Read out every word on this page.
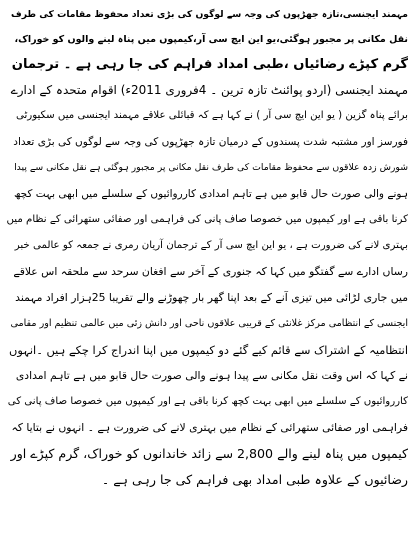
مہمند ایجنسی،تازہ جھڑپوں کی وجہ سے لوگوں کی بڑی تعداد محفوظ مقامات کی طرف
نقل مکانی پر مجبور ہوگئی،یو این ایچ سی آر،کیمپوں میں پناہ لینے والوں کو خوراک،
گرم کپڑے رضائیاں ،طبی امداد فراہم کی جا رہی ہے ۔ ترجمان
مہمند ایجنسی (اردو پوائنٹ تازہ ترین ۔ 4فروری 2011ء) اقوام متحدہ کے ادارے
برائے پناہ گزین ( یو این ایچ سی آر ) نے کہا ہے کہ قبائلی علاقے مہمند ایجنسی میں سکیورٹی
فورسز اور مشتبہ شدت پسندوں کے درمیان تازہ جھڑپوں کی وجہ سے لوگوں کی بڑی تعداد
شورش زدہ علاقوں سے محفوظ مقامات کی طرف نقل مکانی پر مجبور ہوگئی ہے نقل مکانی سے پیدا
ہونے والی صورت حال قابو میں ہے تاہم امدادی کارروائیوں کے سلسلے میں ابھی بہت کچھ
کرنا باقی ہے اور کیمپوں میں خصوصا صاف پانی کی فراہمی اور صفائی ستھرائی کے نظام میں
بہتری لانے کی ضرورت ہے ، یو این ایچ سی آر کے ترجمان آریان رمری نے جمعہ کو عالمی خبر
رساں ادارے سے گفتگو میں کہا کہ جنوری کے آخر سے افغان سرحد سے ملحقہ اس علاقے
میں جاری لڑائی میں تیزی آنے کے بعد اپنا گھر بار چھوڑنے والے تقریبا 25ہزار افراد مہمند
ایجنسی کے انتظامی مرکز غلانئی کے قریبی علاقوں ناحی اور دانش زئی میں عالمی تنظیم اور مقامی
انتظامیہ کے اشتراک سے قائم کیے گئے دو کیمپوں میں اپنا اندراج کرا چکے ہیں ۔انہوں
نے کہا کہ اس وقت نقل مکانی سے پیدا ہونے والی صورت حال قابو میں ہے تاہم امدادی
کارروائیوں کے سلسلے میں ابھی بہت کچھ کرنا باقی ہے اور کیمپوں میں خصوصا صاف پانی کی
فراہمی اور صفائی ستھرائی کے نظام میں بہتری لانے کی ضرورت ہے ۔ انہوں نے بتایا کہ
کیمپوں میں پناہ لینے والے 2,800 سے زائد خاندانوں کو خوراک، گرم کپڑے اور
رضائیوں کے علاوہ طبی امداد بھی فراہم کی جا رہی ہے ۔
